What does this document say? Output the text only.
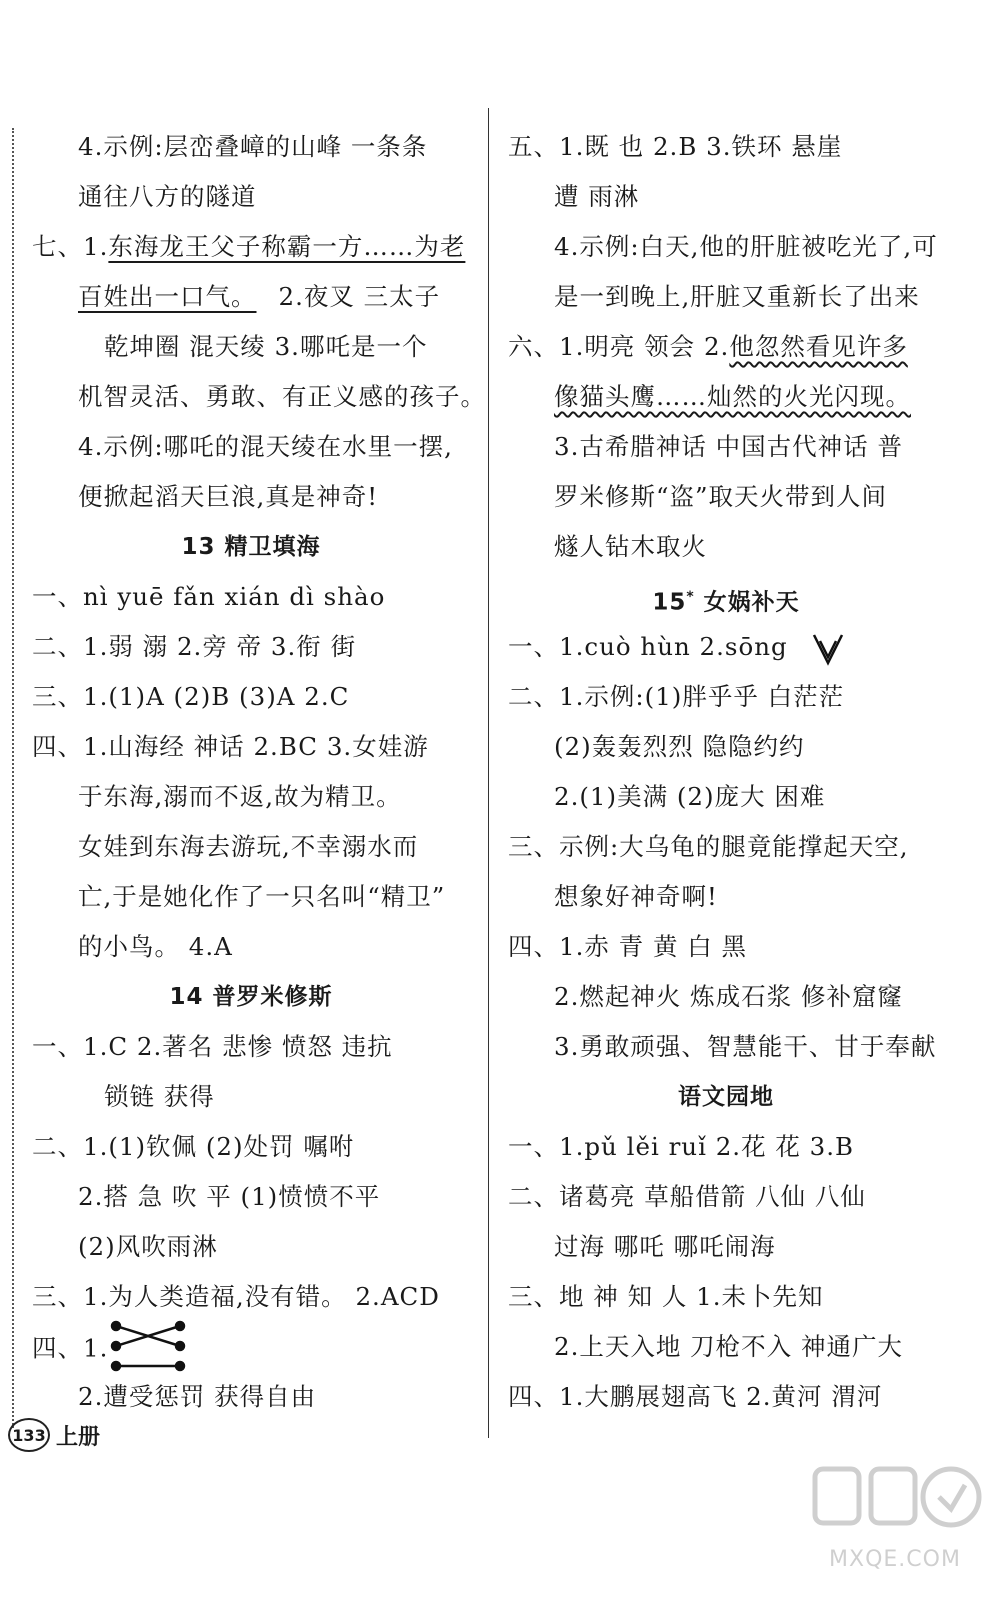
4.示例:层峦叠嶂的山峰 一条条
通往八方的隧道
七、1.东海龙王父子称霸一方……为老
百姓出一口气。 2.夜叉 三太子
乾坤圈 混天绫 3.哪吒是一个
机智灵活、勇敢、有正义感的孩子。
4.示例:哪吒的混天绫在水里一摆,
便掀起滔天巨浪,真是神奇!
13 精卫填海
一、nì yuē fǎn xián dì shào
二、1.弱 溺 2.旁 帝 3.衔 街
三、1.(1)A (2)B (3)A 2.C
四、1.山海经 神话 2.BC 3.女娃游
于东海,溺而不返,故为精卫。
女娃到东海去游玩,不幸溺水而
亡,于是她化作了一只名叫“精卫”
的小鸟。 4.A
14 普罗米修斯
一、1.C 2.著名 悲惨 愤怒 违抗
锁链 获得
二、1.(1)钦佩 (2)处罚 嘱咐
2.搭 急 吹 平 (1)愤愤不平
(2)风吹雨淋
三、1.为人类造福,没有错。 2.ACD
四、1.
2.遭受惩罚 获得自由
五、1.既 也 2.B 3.铁环 悬崖
遭 雨淋
4.示例:白天,他的肝脏被吃光了,可
是一到晚上,肝脏又重新长了出来
六、1.明亮 领会 2.他忽然看见许多
像猫头鹰……灿然的火光闪现。
3.古希腊神话 中国古代神话 普
罗米修斯“盗”取天火带到人间
燧人钻木取火
15* 女娲补天
一、1.cuò hùn 2.sōng
二、1.示例:(1)胖乎乎 白茫茫
(2)轰轰烈烈 隐隐约约
2.(1)美满 (2)庞大 困难
三、示例:大乌龟的腿竟能撑起天空,
想象好神奇啊!
四、1.赤 青 黄 白 黑
2.燃起神火 炼成石浆 修补窟窿
3.勇敢顽强、智慧能干、甘于奉献
语文园地
一、1.pǔ lěi ruǐ 2.花 花 3.B
二、诸葛亮 草船借箭 八仙 八仙
过海 哪吒 哪吒闹海
三、地 神 知 人 1.未卜先知
2.上天入地 刀枪不入 神通广大
四、1.大鹏展翅高飞 2.黄河 渭河
133 上册
MXQE.COM
